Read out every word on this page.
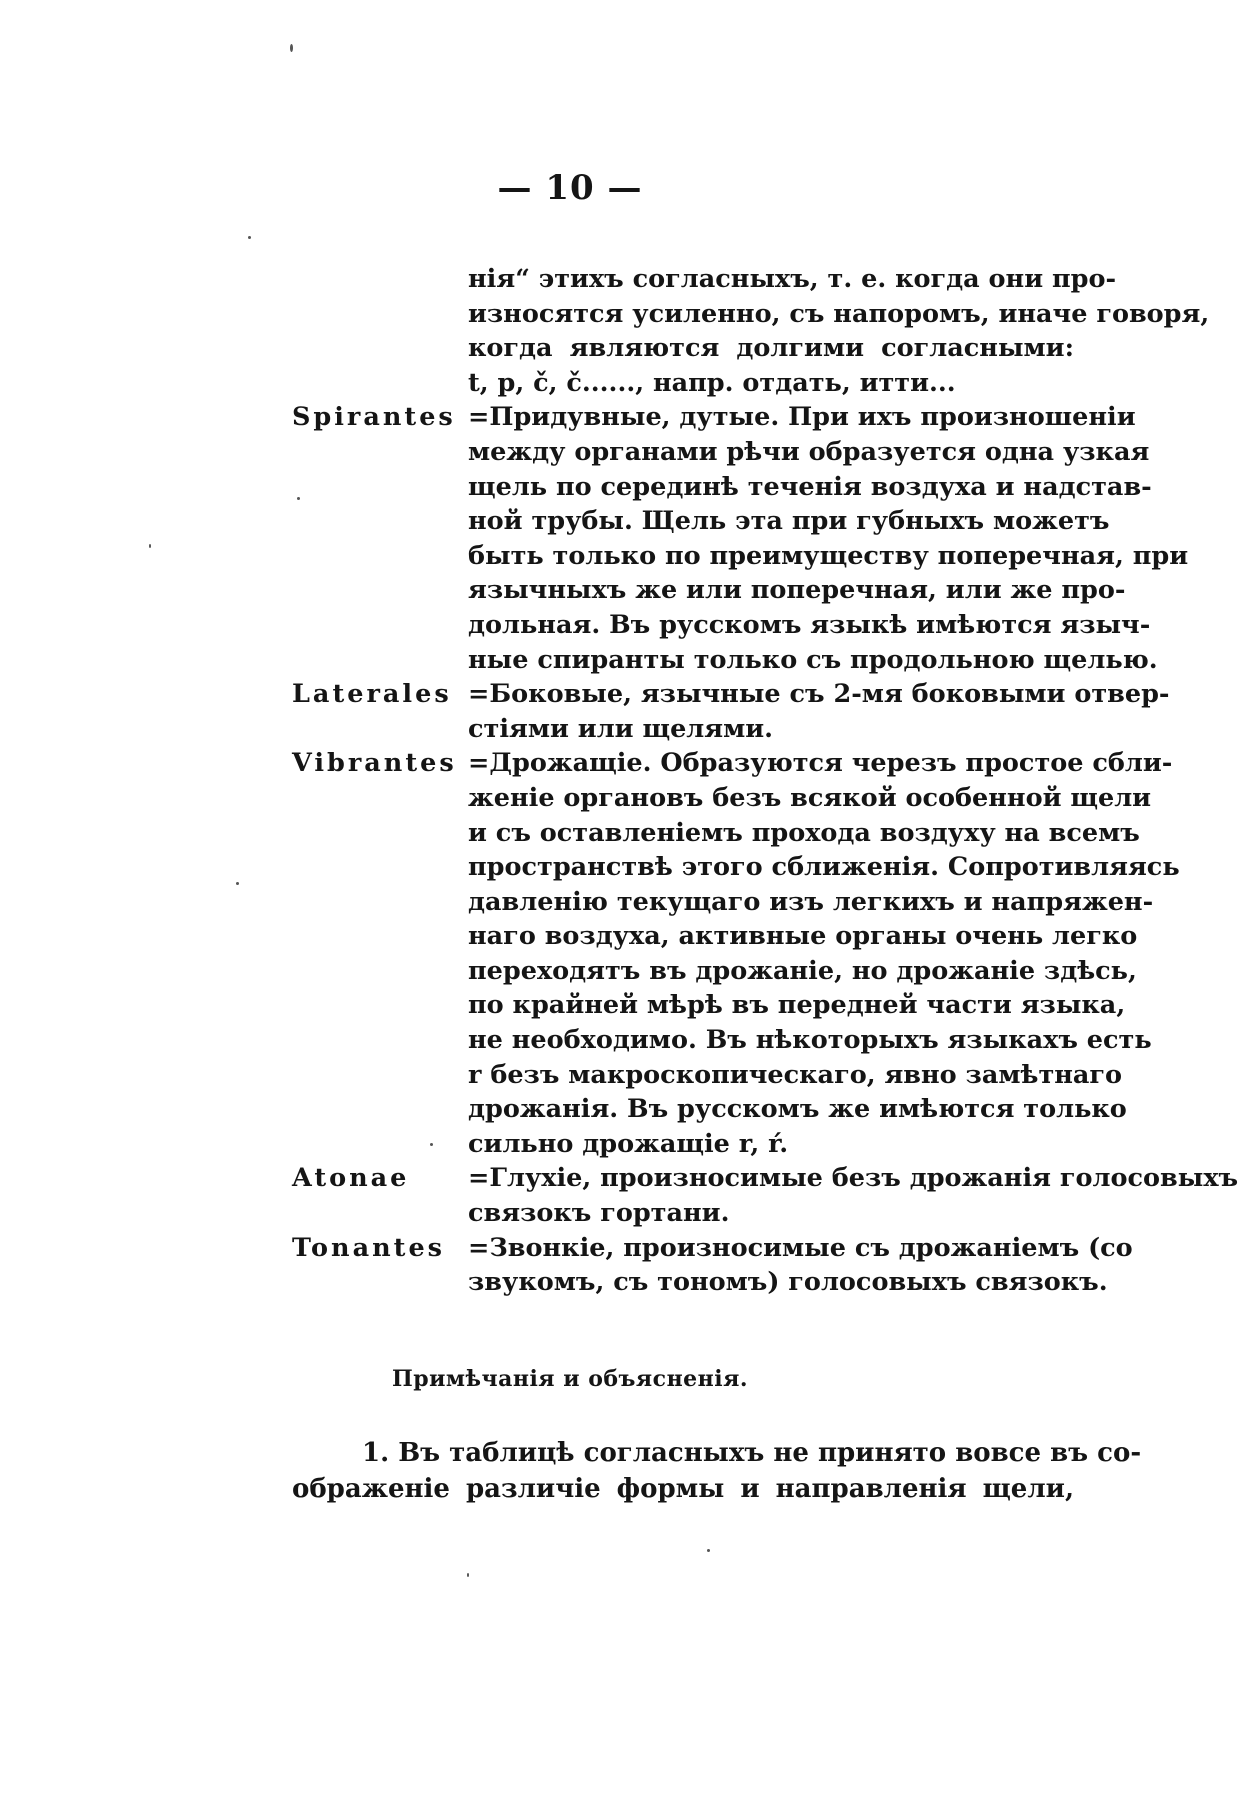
— 10 —
нія“ этихъ согласныхъ, т. е. когда они про-
износятся усиленно, съ напоромъ, иначе говоря,
когда являются долгими согласными:
t, p, č, č......, напр. отдать, итти...
Spirantes =Придувные, дутые. При ихъ произношеніи
между органами рѣчи образуется одна узкая
щель по серединѣ теченія воздуха и надстав-
ной трубы. Щель эта при губныхъ можетъ
быть только по преимуществу поперечная, при
язычныхъ же или поперечная, или же про-
дольная. Въ русскомъ языкѣ имѣются языч-
ные спиранты только съ продольною щелью.
Laterales =Боковые, язычные съ 2-мя боковыми отвер-
стіями или щелями.
Vibrantes =Дрожащіе. Образуются черезъ простое сбли-
женіе органовъ безъ всякой особенной щели
и съ оставленіемъ прохода воздуху на всемъ
пространствѣ этого сближенія. Сопротивляясь
давленію текущаго изъ легкихъ и напряжен-
наго воздуха, активные органы очень легко
переходятъ въ дрожаніе, но дрожаніе здѣсь,
по крайней мѣрѣ въ передней части языка,
не необходимо. Въ нѣкоторыхъ языкахъ есть
r безъ макроскопическаго, явно замѣтнаго
дрожанія. Въ русскомъ же имѣются только
сильно дрожащіе r, ŕ.
Atonae =Глухіе, произносимые безъ дрожанія голосовыхъ
связокъ гортани.
Tonantes =Звонкіе, произносимые съ дрожаніемъ (со
звукомъ, съ тономъ) голосовыхъ связокъ.
Примѣчанія и объясненія.
1. Въ таблицѣ согласныхъ не принято вовсе въ со-
ображеніе различіе формы и направленія щели,
